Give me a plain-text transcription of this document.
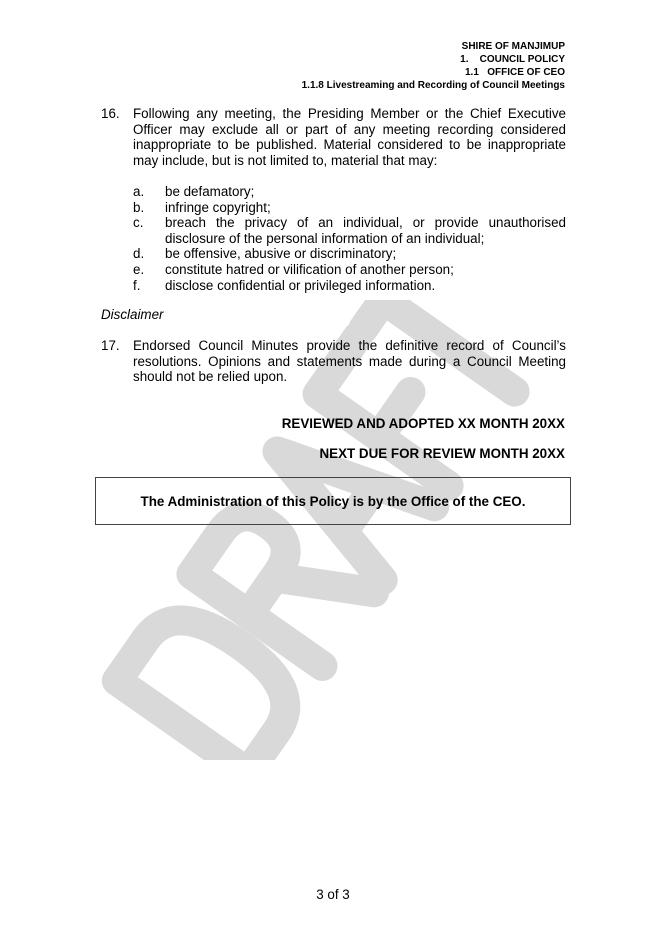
SHIRE OF MANJIMUP
1.    COUNCIL POLICY
1.1   OFFICE OF CEO
1.1.8 Livestreaming and Recording of Council Meetings
16. Following any meeting, the Presiding Member or the Chief Executive Officer may exclude all or part of any meeting recording considered inappropriate to be published. Material considered to be inappropriate may include, but is not limited to, material that may:
a. be defamatory;
b. infringe copyright;
c. breach the privacy of an individual, or provide unauthorised disclosure of the personal information of an individual;
d. be offensive, abusive or discriminatory;
e. constitute hatred or vilification of another person;
f. disclose confidential or privileged information.
Disclaimer
17. Endorsed Council Minutes provide the definitive record of Council’s resolutions. Opinions and statements made during a Council Meeting should not be relied upon.
REVIEWED AND ADOPTED XX MONTH 20XX
NEXT DUE FOR REVIEW MONTH 20XX
The Administration of this Policy is by the Office of the CEO.
3 of 3
